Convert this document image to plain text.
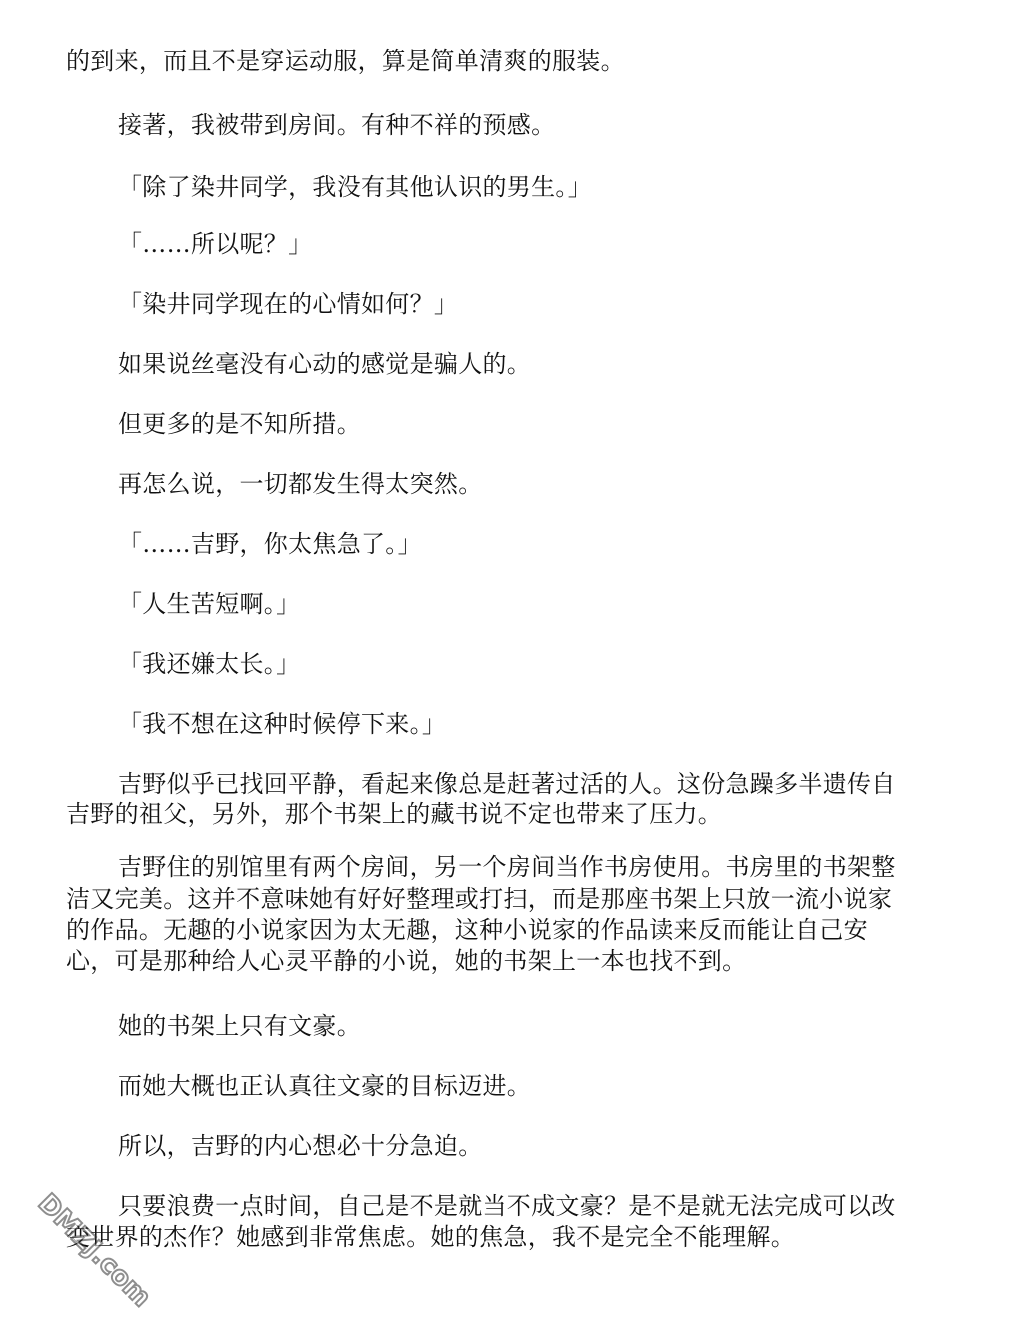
的到来，而且不是穿运动服，算是简单清爽的服装。
接著，我被带到房间。有种不祥的预感。
「除了染井同学，我没有其他认识的男生。」
「……所以呢？」
「染井同学现在的心情如何？」
如果说丝毫没有心动的感觉是骗人的。
但更多的是不知所措。
再怎么说，一切都发生得太突然。
「……吉野，你太焦急了。」
「人生苦短啊。」
「我还嫌太长。」
「我不想在这种时候停下来。」
吉野似乎已找回平静，看起来像总是赶著过活的人。这份急躁多半遗传自
吉野的祖父，另外，那个书架上的藏书说不定也带来了压力。
吉野住的别馆里有两个房间，另一个房间当作书房使用。书房里的书架整
洁又完美。这并不意味她有好好整理或打扫，而是那座书架上只放一流小说家
的作品。无趣的小说家因为太无趣，这种小说家的作品读来反而能让自己安
心，可是那种给人心灵平静的小说，她的书架上一本也找不到。
她的书架上只有文豪。
而她大概也正认真往文豪的目标迈进。
所以，吉野的内心想必十分急迫。
只要浪费一点时间，自己是不是就当不成文豪？是不是就无法完成可以改
变世界的杰作？她感到非常焦虑。她的焦急，我不是完全不能理解。
DMZJ.com
